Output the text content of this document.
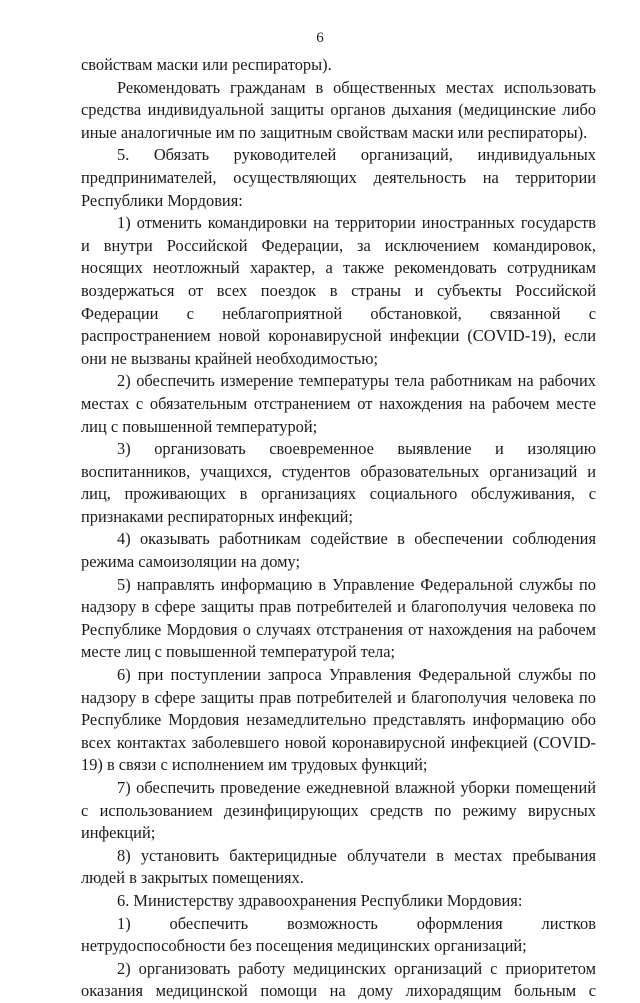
6

свойствам маски или респираторы).

Рекомендовать гражданам в общественных местах использовать средства индивидуальной защиты органов дыхания (медицинские либо иные аналогичные им по защитным свойствам маски или респираторы).

5. Обязать руководителей организаций, индивидуальных предпринимателей, осуществляющих деятельность на территории Республики Мордовия:

1) отменить командировки на территории иностранных государств и внутри Российской Федерации, за исключением командировок, носящих неотложный характер, а также рекомендовать сотрудникам воздержаться от всех поездок в страны и субъекты Российской Федерации с неблагоприятной обстановкой, связанной с распространением новой коронавирусной инфекции (COVID-19), если они не вызваны крайней необходимостью;

2) обеспечить измерение температуры тела работникам на рабочих местах с обязательным отстранением от нахождения на рабочем месте лиц с повышенной температурой;

3) организовать своевременное выявление и изоляцию воспитанников, учащихся, студентов образовательных организаций и лиц, проживающих в организациях социального обслуживания, с признаками респираторных инфекций;

4) оказывать работникам содействие в обеспечении соблюдения режима самоизоляции на дому;

5) направлять информацию в Управление Федеральной службы по надзору в сфере защиты прав потребителей и благополучия человека по Республике Мордовия о случаях отстранения от нахождения на рабочем месте лиц с повышенной температурой тела;

6) при поступлении запроса Управления Федеральной службы по надзору в сфере защиты прав потребителей и благополучия человека по Республике Мордовия незамедлительно представлять информацию обо всех контактах заболевшего новой коронавирусной инфекцией (COVID-19) в связи с исполнением им трудовых функций;

7) обеспечить проведение ежедневной влажной уборки помещений с использованием дезинфицирующих средств по режиму вирусных инфекций;

8) установить бактерицидные облучатели в местах пребывания людей в закрытых помещениях.

6. Министерству здравоохранения Республики Мордовия:

1) обеспечить возможность оформления листков нетрудоспособности без посещения медицинских организаций;

2) организовать работу медицинских организаций с приоритетом оказания медицинской помощи на дому лихорадящим больным с
